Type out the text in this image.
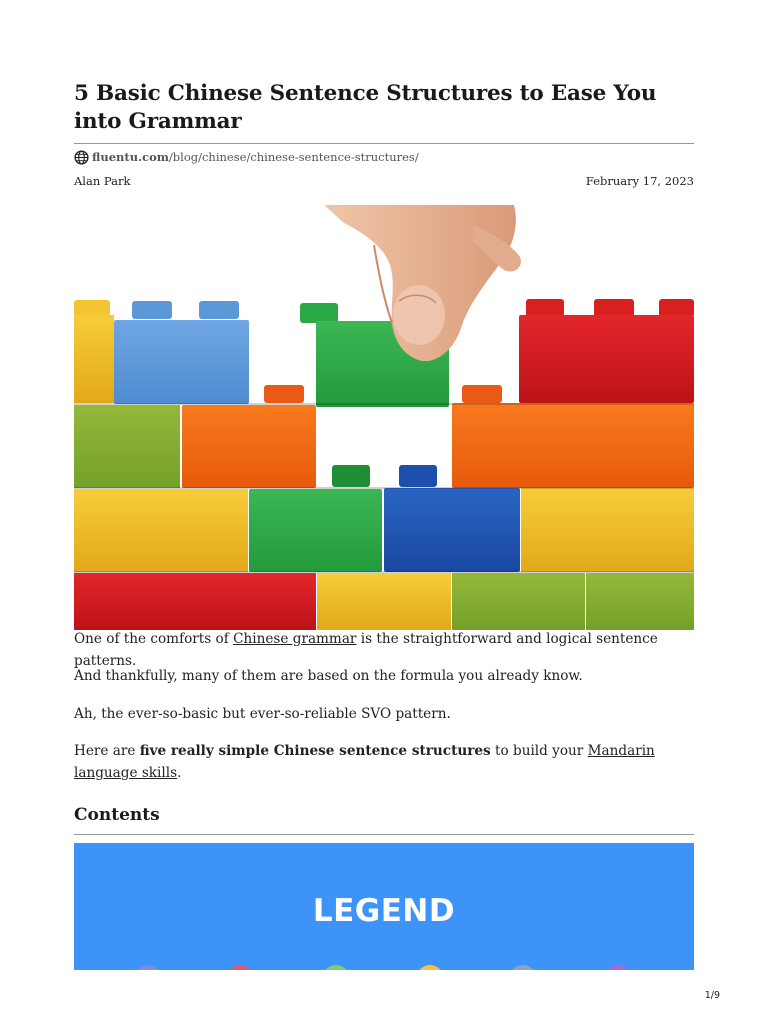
5 Basic Chinese Sentence Structures to Ease You into Grammar
fluentu.com /blog/chinese/chinese-sentence-structures/
Alan Park	February 17, 2023

One of the comforts of Chinese grammar is the straightforward and logical sentence patterns.

And thankfully, many of them are based on the formula you already know.

Ah, the ever-so-basic but ever-so-reliable SVO pattern.

Here are five really simple Chinese sentence structures to build your Mandarin language skills.

Contents
LEGEND
1/9
